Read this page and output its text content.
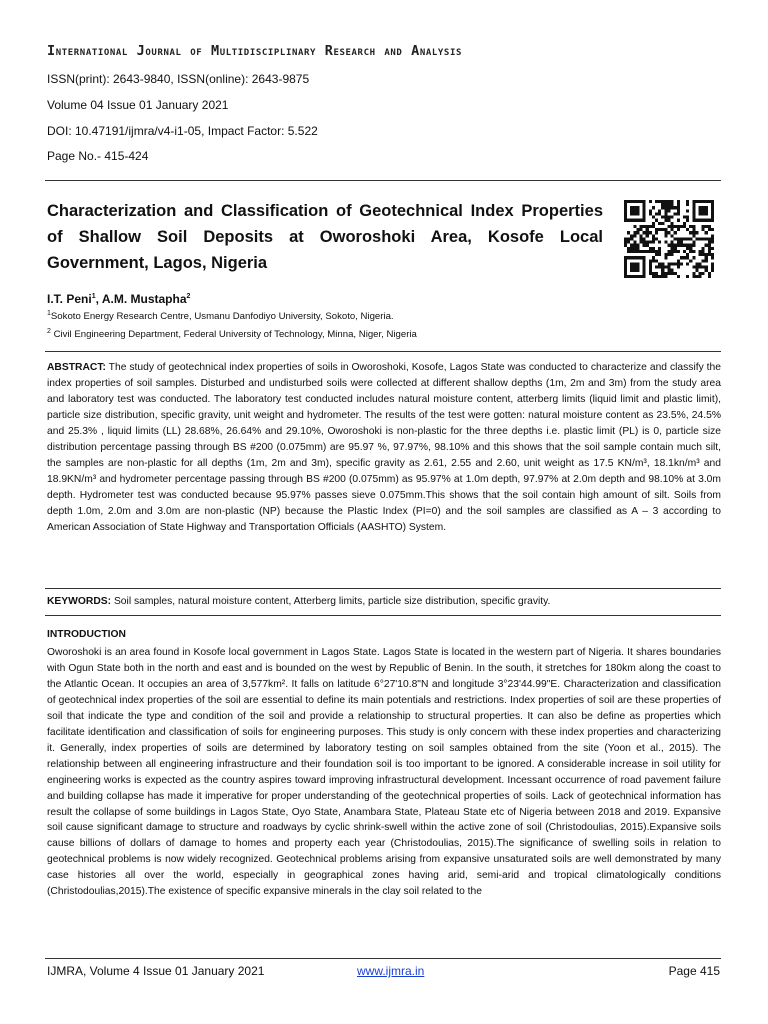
International Journal of Multidisciplinary Research and Analysis
ISSN(print): 2643-9840, ISSN(online): 2643-9875
Volume 04 Issue 01 January 2021
DOI: 10.47191/ijmra/v4-i1-05, Impact Factor: 5.522
Page No.- 415-424
Characterization and Classification of Geotechnical Index Properties of Shallow Soil Deposits at Oworoshoki Area, Kosofe Local Government, Lagos, Nigeria
I.T. Peni$^1$, A.M. Mustapha$^2$
$^1$Sokoto Energy Research Centre, Usmanu Danfodiyo University, Sokoto, Nigeria.
$^2$ Civil Engineering Department, Federal University of Technology, Minna, Niger, Nigeria
ABSTRACT: The study of geotechnical index properties of soils in Oworoshoki, Kosofe, Lagos State was conducted to characterize and classify the index properties of soil samples. Disturbed and undisturbed soils were collected at different shallow depths (1m, 2m and 3m) from the study area and laboratory test was conducted. The laboratory test conducted includes natural moisture content, atterberg limits (liquid limit and plastic limit), particle size distribution, specific gravity, unit weight and hydrometer. The results of the test were gotten: natural moisture content as 23.5%, 24.5% and 25.3% , liquid limits (LL) 28.68%, 26.64% and 29.10%, Oworoshoki is non-plastic for the three depths i.e. plastic limit (PL) is 0, particle size distribution percentage passing through BS #200 (0.075mm) are 95.97 %, 97.97%, 98.10% and this shows that the soil sample contain much silt, the samples are non-plastic for all depths (1m, 2m and 3m), specific gravity as 2.61, 2.55 and 2.60, unit weight as 17.5 KN/m³, 18.1kn/m³ and 18.9KN/m³ and hydrometer percentage passing through BS #200 (0.075mm) as 95.97% at 1.0m depth, 97.97% at 2.0m depth and 98.10% at 3.0m depth. Hydrometer test was conducted because 95.97% passes sieve 0.075mm.This shows that the soil contain high amount of silt. Soils from depth 1.0m, 2.0m and 3.0m are non-plastic (NP) because the Plastic Index (PI=0) and the soil samples are classified as A – 3 according to American Association of State Highway and Transportation Officials (AASHTO) System.
KEYWORDS: Soil samples, natural moisture content, Atterberg limits, particle size distribution, specific gravity.
INTRODUCTION
Oworoshoki is an area found in Kosofe local government in Lagos State. Lagos State is located in the western part of Nigeria. It shares boundaries with Ogun State both in the north and east and is bounded on the west by Republic of Benin. In the south, it stretches for 180km along the coast to the Atlantic Ocean. It occupies an area of 3,577km². It falls on latitude 6°27'10.8"N and longitude 3°23'44.99"E. Characterization and classification of geotechnical index properties of the soil are essential to define its main potentials and restrictions. Index properties of soil are these properties of soil that indicate the type and condition of the soil and provide a relationship to structural properties. It can also be define as properties which facilitate identification and classification of soils for engineering purposes. This study is only concern with these index properties and characterizing it. Generally, index properties of soils are determined by laboratory testing on soil samples obtained from the site (Yoon et al., 2015). The relationship between all engineering infrastructure and their foundation soil is too important to be ignored. A considerable increase in soil utility for engineering works is expected as the country aspires toward improving infrastructural development. Incessant occurrence of road pavement failure and building collapse has made it imperative for proper understanding of the geotechnical properties of soils. Lack of geotechnical information has result the collapse of some buildings in Lagos State, Oyo State, Anambara State, Plateau State etc of Nigeria between 2018 and 2019. Expansive soil cause significant damage to structure and roadways by cyclic shrink-swell within the active zone of soil (Christodoulias, 2015).Expansive soils cause billions of dollars of damage to homes and property each year (Christodoulias, 2015).The significance of swelling soils in relation to geotechnical problems is now widely recognized. Geotechnical problems arising from expansive unsaturated soils are well demonstrated by many case histories all over the world, especially in geographical zones having arid, semi-arid and tropical climatologically conditions (Christodoulias,2015).The existence of specific expansive minerals in the clay soil related to the
IJMRA, Volume 4 Issue 01 January 2021	www.ijmra.in	Page 415
